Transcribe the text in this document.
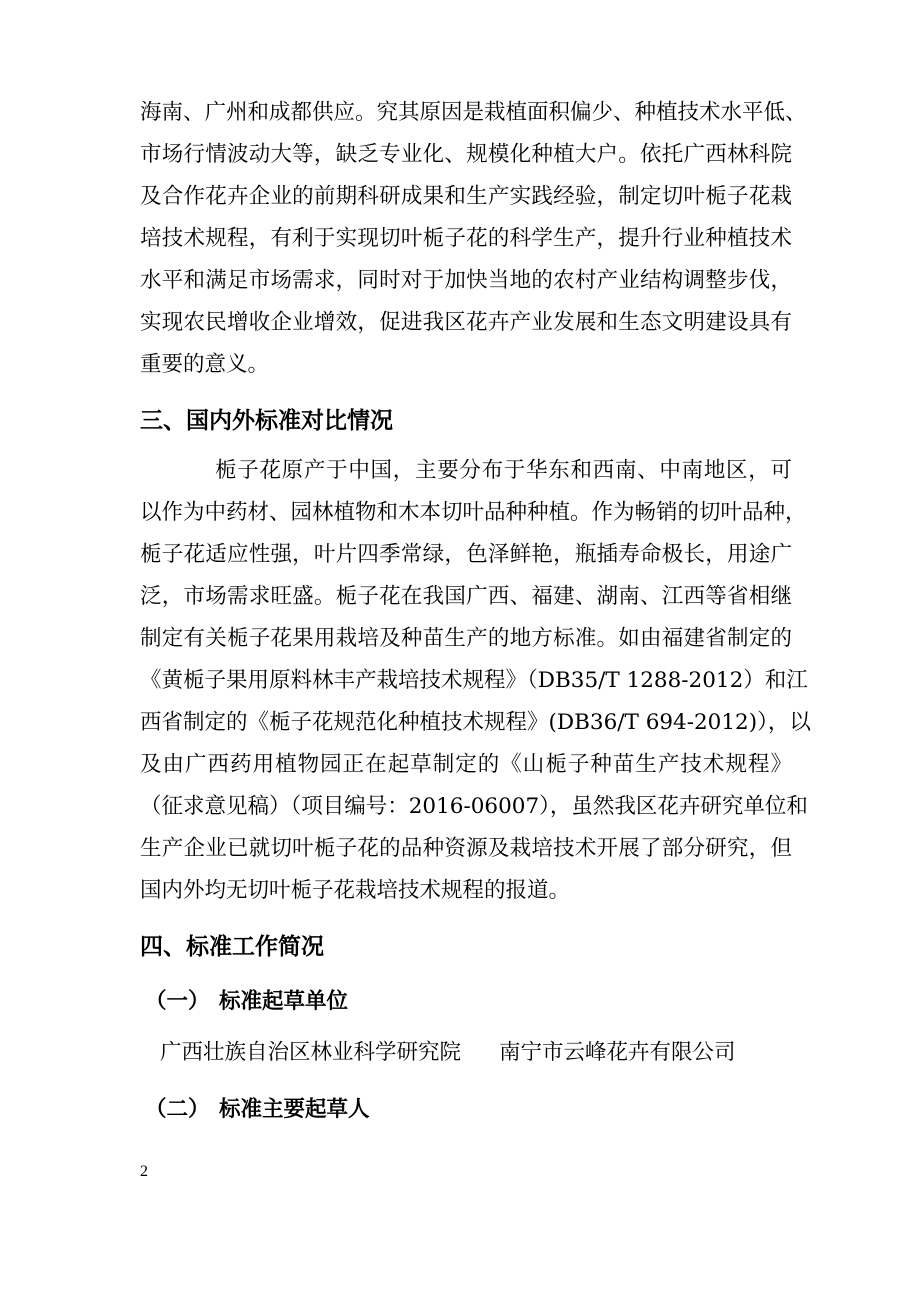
海南、广州和成都供应。究其原因是栽植面积偏少、种植技术水平低、
市场行情波动大等，缺乏专业化、规模化种植大户。依托广西林科院
及合作花卉企业的前期科研成果和生产实践经验，制定切叶栀子花栽
培技术规程，有利于实现切叶栀子花的科学生产，提升行业种植技术
水平和满足市场需求，同时对于加快当地的农村产业结构调整步伐，
实现农民增收企业增效，促进我区花卉产业发展和生态文明建设具有
重要的意义。
三、国内外标准对比情况
栀子花原产于中国，主要分布于华东和西南、中南地区，可
以作为中药材、园林植物和木本切叶品种种植。作为畅销的切叶品种，
栀子花适应性强，叶片四季常绿，色泽鲜艳，瓶插寿命极长，用途广
泛，市场需求旺盛。栀子花在我国广西、福建、湖南、江西等省相继
制定有关栀子花果用栽培及种苗生产的地方标准。如由福建省制定的
《黄栀子果用原料林丰产栽培技术规程》（DB35/T 1288-2012）和江
西省制定的《栀子花规范化种植技术规程》(DB36/T 694-2012)），以
及由广西药用植物园正在起草制定的《山栀子种苗生产技术规程》
（征求意见稿）（项目编号：2016-06007），虽然我区花卉研究单位和
生产企业已就切叶栀子花的品种资源及栽培技术开展了部分研究，但
国内外均无切叶栀子花栽培技术规程的报道。
四、标准工作简况
（一） 标准起草单位
广西壮族自治区林业科学研究院 南宁市云峰花卉有限公司
（二） 标准主要起草人
2
